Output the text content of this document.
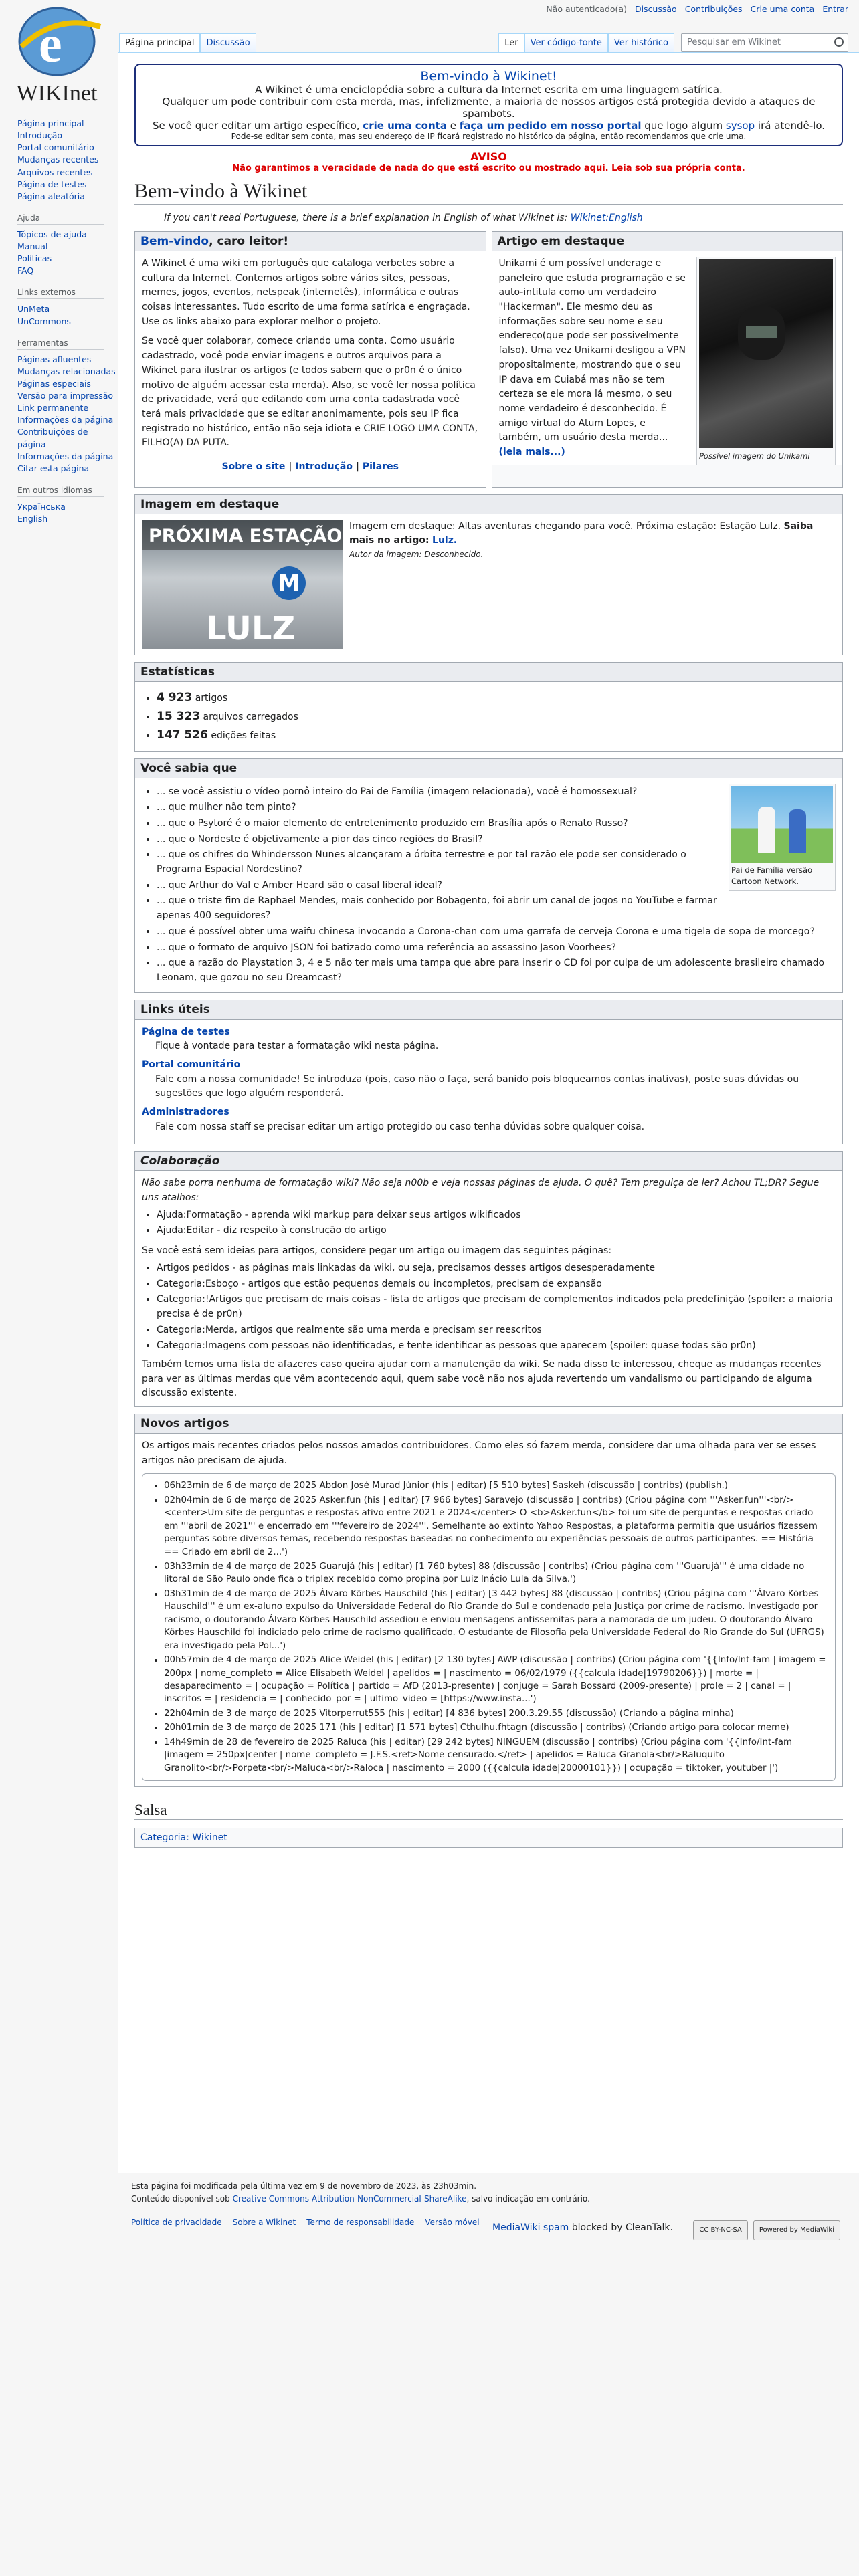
e
WIKInet
Não autenticado(a) Discussão Contribuições Crie uma conta Entrar
Página principal	Discussão	Ler	Ver código-fonte	Ver histórico	Pesquisar em Wikinet
Página principal
Introdução
Portal comunitário
Mudanças recentes
Arquivos recentes
Página de testes
Página aleatória
Ajuda
Tópicos de ajuda
Manual
Políticas
FAQ
Links externos
UnMeta
UnCommons
Ferramentas
Páginas afluentes
Mudanças relacionadas
Páginas especiais
Versão para impressão
Link permanente
Informações da página
Contribuições de página
Informações da página
Citar esta página
Em outros idiomas
Українська
English
Bem-vindo à Wikinet!
A Wikinet é uma enciclopédia sobre a cultura da Internet escrita em uma linguagem satírica.
Qualquer um pode contribuir com esta merda, mas, infelizmente, a maioria de nossos artigos está protegida devido a ataques de spambots.
Se você quer editar um artigo específico, crie uma conta e faça um pedido em nosso portal que logo algum sysop irá atendê-lo.
Pode-se editar sem conta, mas seu endereço de IP ficará registrado no histórico da página, então recomendamos que crie uma.
AVISO
Não garantimos a veracidade de nada do que está escrito ou mostrado aqui. Leia sob sua própria conta.
Bem-vindo à Wikinet
If you can't read Portuguese, there is a brief explanation in English of what Wikinet is: Wikinet:English
Bem-vindo, caro leitor!

A Wikinet é uma wiki em português que cataloga verbetes sobre a cultura da Internet. Contemos artigos sobre vários sites, pessoas, memes, jogos, eventos, netspeak (internetês), informática e outras coisas interessantes. Tudo escrito de uma forma satírica e engraçada. Use os links abaixo para explorar melhor o projeto.

Se você quer colaborar, comece criando uma conta. Como usuário cadastrado, você pode enviar imagens e outros arquivos para a Wikinet para ilustrar os artigos (e todos sabem que o pr0n é o único motivo de alguém acessar esta merda). Also, se você ler nossa política de privacidade, verá que editando com uma conta cadastrada você terá mais privacidade que se editar anonimamente, pois seu IP fica registrado no histórico, então não seja idiota e CRIE LOGO UMA CONTA, FILHO(A) DA PUTA.

Sobre o site | Introdução | Pilares

Artigo em destaque
Possível imagem do Unikami

Unikami é um possível underage e paneleiro que estuda programação e se auto-intitula como um verdadeiro "Hackerman". Ele mesmo deu as informações sobre seu nome e seu endereço(que pode ser possivelmente falso). Uma vez Unikami desligou a VPN propositalmente, mostrando que o seu IP dava em Cuiabá mas não se tem certeza se ele mora lá mesmo, o seu nome verdadeiro é desconhecido. É amigo virtual do Atum Lopes, e também, um usuário desta merda...

(leia mais...)

Imagem em destaque
PRÓXIMA ESTAÇÃO
M
LULZ

Imagem em destaque: Altas aventuras chegando para você. Próxima estação: Estação Lulz. Saiba mais no artigo: Lulz.

Autor da imagem: Desconhecido.

Estatísticas
• 4 923 artigos
• 15 323 arquivos carregados
• 147 526 edições feitas
Você sabia que
Pai de Família versão Cartoon Network.
• ... se você assistiu o vídeo pornô inteiro do Pai de Família (imagem relacionada), você é homossexual?
• ... que mulher não tem pinto?
• ... que o Psytoré é o maior elemento de entretenimento produzido em Brasília após o Renato Russo?
• ... que o Nordeste é objetivamente a pior das cinco regiões do Brasil?
• ... que os chifres do Whindersson Nunes alcançaram a órbita terrestre e por tal razão ele pode ser considerado o Programa Espacial Nordestino?
• ... que Arthur do Val e Amber Heard são o casal liberal ideal?
• ... que o triste fim de Raphael Mendes, mais conhecido por Bobagento, foi abrir um canal de jogos no YouTube e farmar apenas 400 seguidores?
• ... que é possível obter uma waifu chinesa invocando a Corona-chan com uma garrafa de cerveja Corona e uma tigela de sopa de morcego?
• ... que o formato de arquivo JSON foi batizado como uma referência ao assassino Jason Voorhees?
• ... que a razão do Playstation 3, 4 e 5 não ter mais uma tampa que abre para inserir o CD foi por culpa de um adolescente brasileiro chamado Leonam, que gozou no seu Dreamcast?
Links úteis
Página de testes
Fique à vontade para testar a formatação wiki nesta página.
Portal comunitário
Fale com a nossa comunidade! Se introduza (pois, caso não o faça, será banido pois bloqueamos contas inativas), poste suas dúvidas ou sugestões que logo alguém responderá.
Administradores
Fale com nossa staff se precisar editar um artigo protegido ou caso tenha dúvidas sobre qualquer coisa.
Colaboração

Não sabe porra nenhuma de formatação wiki? Não seja n00b e veja nossas páginas de ajuda. O quê? Tem preguiça de ler? Achou TL;DR? Segue uns atalhos:

• Ajuda:Formatação - aprenda wiki markup para deixar seus artigos wikificados
• Ajuda:Editar - diz respeito à construção do artigo

Se você está sem ideias para artigos, considere pegar um artigo ou imagem das seguintes páginas:

• Artigos pedidos - as páginas mais linkadas da wiki, ou seja, precisamos desses artigos desesperadamente
• Categoria:Esboço - artigos que estão pequenos demais ou incompletos, precisam de expansão
• Categoria:!Artigos que precisam de mais coisas - lista de artigos que precisam de complementos indicados pela predefinição (spoiler: a maioria precisa é de pr0n)
• Categoria:Merda, artigos que realmente são uma merda e precisam ser reescritos
• Categoria:Imagens com pessoas não identificadas, e tente identificar as pessoas que aparecem (spoiler: quase todas são pr0n)

Também temos uma lista de afazeres caso queira ajudar com a manutenção da wiki. Se nada disso te interessou, cheque as mudanças recentes para ver as últimas merdas que vêm acontecendo aqui, quem sabe você não nos ajuda revertendo um vandalismo ou participando de alguma discussão existente.

Novos artigos

Os artigos mais recentes criados pelos nossos amados contribuidores. Como eles só fazem merda, considere dar uma olhada para ver se esses artigos não precisam de ajuda.

• 06h23min de 6 de março de 2025 Abdon José Murad Júnior (his | editar) [5 510 bytes] Saskeh (discussão | contribs) (publish.)
• 02h04min de 6 de março de 2025 Asker.fun (his | editar) [7 966 bytes] Saravejo (discussão | contribs) (Criou página com '''Asker.fun'''<br/><center>Um site de perguntas e respostas ativo entre 2021 e 2024</center> O <b>Asker.fun</b> foi um site de perguntas e respostas criado em '''abril de 2021''' e encerrado em '''fevereiro de 2024'''. Semelhante ao extinto Yahoo Respostas, a plataforma permitia que usuários fizessem perguntas sobre diversos temas, recebendo respostas baseadas no conhecimento ou experiências pessoais de outros participantes. == História == Criado em abril de 2...')
• 03h33min de 4 de março de 2025 Guarujá (his | editar) [1 760 bytes] 88 (discussão | contribs) (Criou página com '''Guarujá''' é uma cidade no litoral de São Paulo onde fica o triplex recebido como propina por Luiz Inácio Lula da Silva.')
• 03h31min de 4 de março de 2025 Álvaro Körbes Hauschild (his | editar) [3 442 bytes] 88 (discussão | contribs) (Criou página com '''Álvaro Körbes Hauschild''' é um ex-aluno expulso da Universidade Federal do Rio Grande do Sul e condenado pela Justiça por crime de racismo. Investigado por racismo, o doutorando Álvaro Körbes Hauschild assediou e enviou mensagens antissemitas para a namorada de um judeu. O doutorando Álvaro Körbes Hauschild foi indiciado pelo crime de racismo qualificado. O estudante de Filosofia pela Universidade Federal do Rio Grande do Sul (UFRGS) era investigado pela Pol...')
• 00h57min de 4 de março de 2025 Alice Weidel (his | editar) [2 130 bytes] AWP (discussão | contribs) (Criou página com '{{Info/Int-fam | imagem = 200px | nome_completo = Alice Elisabeth Weidel | apelidos = | nascimento = 06/02/1979 ({{calcula idade|19790206}}) | morte = | desaparecimento = | ocupação = Política | partido = AfD (2013-presente) | conjuge = Sarah Bossard (2009-presente) | prole = 2 | canal = | inscritos = | residencia = | conhecido_por = | ultimo_video = [https://www.insta...')
• 22h04min de 3 de março de 2025 Vitorperrut555 (his | editar) [4 836 bytes] 200.3.29.55 (discussão) (Criando a página minha)
• 20h01min de 3 de março de 2025 171 (his | editar) [1 571 bytes] Cthulhu.fhtagn (discussão | contribs) (Criando artigo para colocar meme)
• 14h49min de 28 de fevereiro de 2025 Raluca (his | editar) [29 242 bytes] NINGUEM (discussão | contribs) (Criou página com '{{Info/Int-fam |imagem = 250px|center | nome_completo = J.F.S.<ref>Nome censurado.</ref> | apelidos = Raluca Granola<br/>Raluquito Granolito<br/>Porpeta<br/>Maluca<br/>Raloca | nascimento = 2000 ({{calcula idade|20000101}}) | ocupação = tiktoker, youtuber |')
Salsa
Categoria: Wikinet
Esta página foi modificada pela última vez em 9 de novembro de 2023, às 23h03min.
Conteúdo disponível sob Creative Commons Attribution-NonCommercial-ShareAlike, salvo indicação em contrário.
Política de privacidade Sobre a Wikinet Termo de responsabilidade Versão móvel MediaWiki spam blocked by CleanTalk.	CC BY-NC-SA	Powered by MediaWiki
